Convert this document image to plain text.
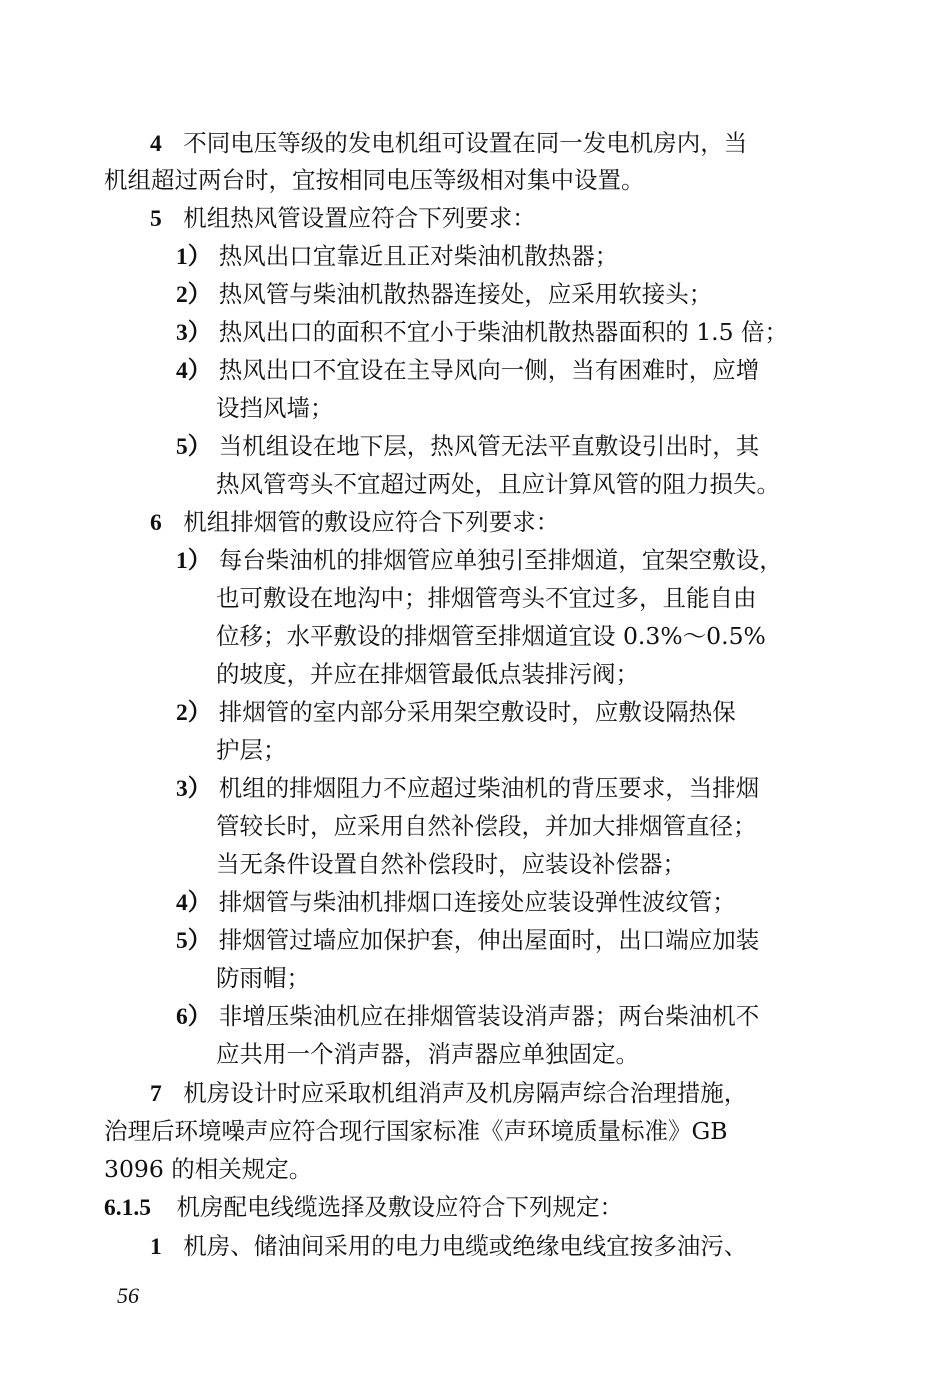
4 不同电压等级的发电机组可设置在同一发电机房内，当
机组超过两台时，宜按相同电压等级相对集中设置。
5 机组热风管设置应符合下列要求：
1） 热风出口宜靠近且正对柴油机散热器；
2） 热风管与柴油机散热器连接处，应采用软接头；
3） 热风出口的面积不宜小于柴油机散热器面积的 1.5 倍；
4） 热风出口不宜设在主导风向一侧，当有困难时，应增
设挡风墙；
5） 当机组设在地下层，热风管无法平直敷设引出时，其
热风管弯头不宜超过两处，且应计算风管的阻力损失。
6 机组排烟管的敷设应符合下列要求：
1） 每台柴油机的排烟管应单独引至排烟道，宜架空敷设，
也可敷设在地沟中；排烟管弯头不宜过多，且能自由
位移；水平敷设的排烟管至排烟道宜设 0.3%～0.5%
的坡度，并应在排烟管最低点装排污阀；
2） 排烟管的室内部分采用架空敷设时，应敷设隔热保
护层；
3） 机组的排烟阻力不应超过柴油机的背压要求，当排烟
管较长时，应采用自然补偿段，并加大排烟管直径；
当无条件设置自然补偿段时，应装设补偿器；
4） 排烟管与柴油机排烟口连接处应装设弹性波纹管；
5） 排烟管过墙应加保护套，伸出屋面时，出口端应加装
防雨帽；
6） 非增压柴油机应在排烟管装设消声器；两台柴油机不
应共用一个消声器，消声器应单独固定。
7 机房设计时应采取机组消声及机房隔声综合治理措施，
治理后环境噪声应符合现行国家标准《声环境质量标准》GB
3096 的相关规定。
6.1.5 机房配电线缆选择及敷设应符合下列规定：
1 机房、储油间采用的电力电缆或绝缘电线宜按多油污、
56
